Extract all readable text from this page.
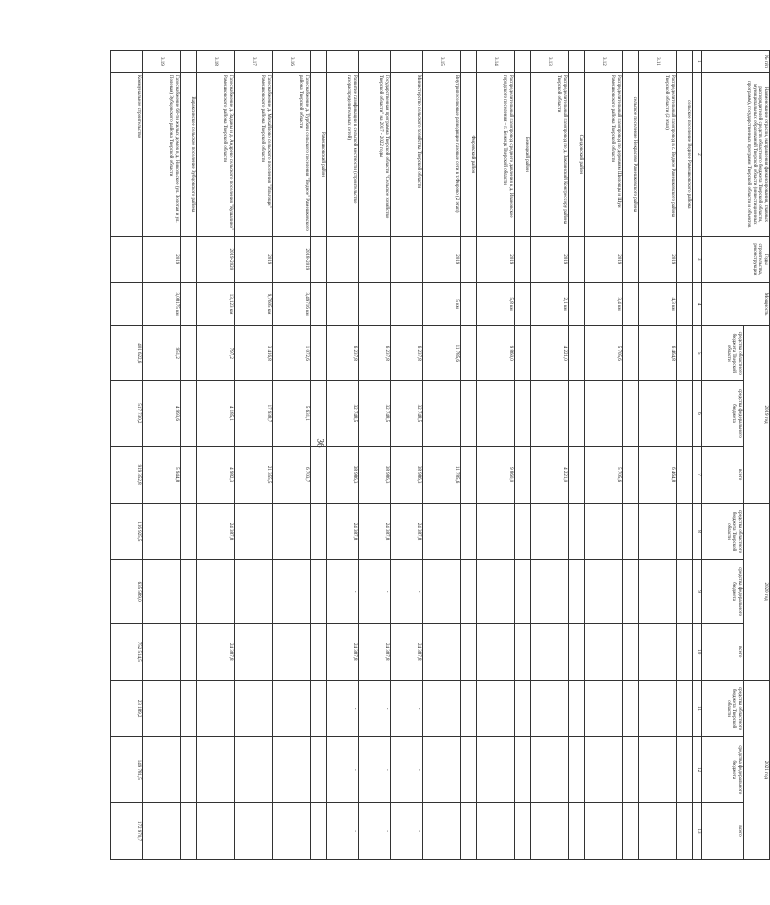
36
№ п/п	Наименование отрасли, направления финансирования, главных распорядителей средств областного бюджета Тверской области, муниципальных образований Тверской области (инвестиционных программ), государственных программ Тверской области и объектов	Годы строительства, реконструкции	Мощность	2019 год			2020 год			2021 год		
				средства областного бюджета Тверской области	средства федерального бюджета	всего	средства областного бюджета Тверской области	средства федерального бюджета	всего	средства областного бюджета Тверской области	средства федерального бюджета	всего
1	2	3	4	5	6	7	8	9	10	11	12	13
	сельское поселение Ведное Рамешковского района											
3.11	Распределительный газопровод в с. Ведное Рамешковского района Тверской области (2 этап)	2019	4,3 км	6 464,8		6 464,8						
	сельское поселение Некрасово Рамешковского района											
3.12	Распределительный газопровод по деревням Шиловцы и Шуи Рамешковского района Тверской области	2019	3,4 км	5 705,6		5 705,6						
	Сандовский район											
3.13	Распределительный газопровод по д. Заклинский Конгрессору района Тверской области	2019	2,1 км	4 221,0		4 221,0						
	Бежецкий район											
3.14	Распределительный газопровод среднего давления к д. Ивановское городского поселения – г. Бежецк Тверской области	2019	5,8 км	9 860,0		9 860,0						
	Фировский район											
3.15	Внутрипоселковые разводящие газовые сети в т.Фирово (2 этап)	2019	5 км	11 785,6		11 785,6						
	Министерство сельского хозяйства Тверской области			6 237,8	32 748,5	38 986,3	24 387,8	-	24 387,8	-	-	-
	Государственная программа Тверской области "Сельское хозяйство Тверской области" на 2017 - 2022 годы			6 237,8	32 748,5	38 986,3	24 387,8	-	24 387,8	-	-	-
	Развитие газификации в сельской местности (строительство газораспределительных сетей)			6 237,8	32 748,5	38 986,3	24 387,8	-	24 387,8	-	-	-
	Рамешковский район											
3.16	Газоснабжение д. Турбачи сельского поселения "Ведное" Рамешковского района Тверской области	2018-2019	3,49716 км	1 072,6	5 631,1	6 703,7						
3.17	Газоснабжение д. Михайлово сельского поселения "Ильгощи" Рамешковского района Тверской области	2019	9,7605 км	3 416,8	17 938,7	21 355,5						
3.18	Газоснабжение д. Заданы и д. Андрево сельского поселения "Кушалино" Рамешковского района Тверской области	2019-2020	13,123 км	797,2	4 185,1	4 982,3	24 387,8		24 387,8			
	Вараксинское сельское поселение Зубцовского района											
3.19	Газоснабжение 60-ти жилых домов в д. Никольское (ул. Золотая и ул. Полевая) Зубцовского района Тверской области	2019	3,08175 км	951,2	4 993,6	5 944,8						
	Коммунальное строительство			401 622,6	517 730,2	919 352,8	116 925,5	635 589,0	752 514,5	23 189,2	149 781,5	172 970,7
